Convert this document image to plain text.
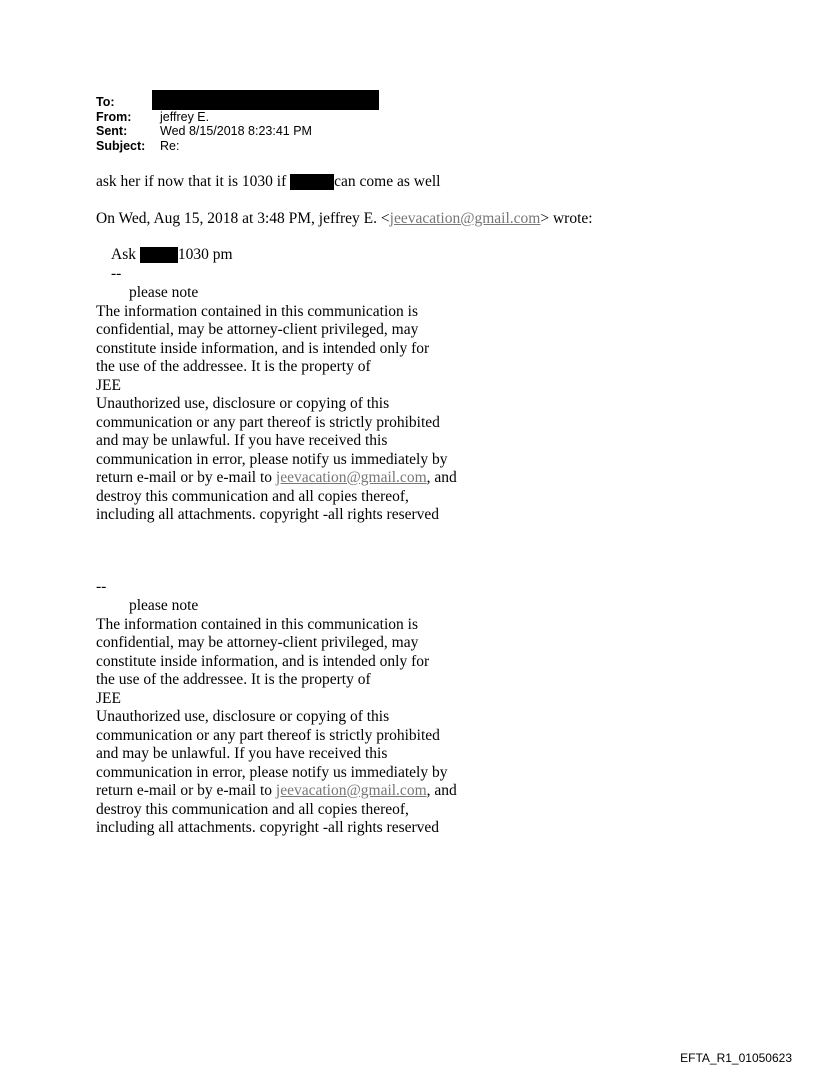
To:
From:	jeffrey E.
Sent:	Wed 8/15/2018 8:23:41 PM
Subject:	Re:
ask her if now that it is 1030 if	can come as well
On Wed, Aug 15, 2018 at 3:48 PM, jeffrey E. <jeevacation@gmail.com> wrote:
Ask	1030 pm
--
please note
The information contained in this communication is
confidential, may be attorney-client privileged, may
constitute inside information, and is intended only for
the use of the addressee. It is the property of
JEE
Unauthorized use, disclosure or copying of this
communication or any part thereof is strictly prohibited
and may be unlawful. If you have received this
communication in error, please notify us immediately by
return e-mail or by e-mail to jeevacation@gmail.com, and
destroy this communication and all copies thereof,
including all attachments. copyright -all rights reserved
--
please note
The information contained in this communication is
confidential, may be attorney-client privileged, may
constitute inside information, and is intended only for
the use of the addressee. It is the property of
JEE
Unauthorized use, disclosure or copying of this
communication or any part thereof is strictly prohibited
and may be unlawful. If you have received this
communication in error, please notify us immediately by
return e-mail or by e-mail to jeevacation@gmail.com, and
destroy this communication and all copies thereof,
including all attachments. copyright -all rights reserved
EFTA_R1_01050623
